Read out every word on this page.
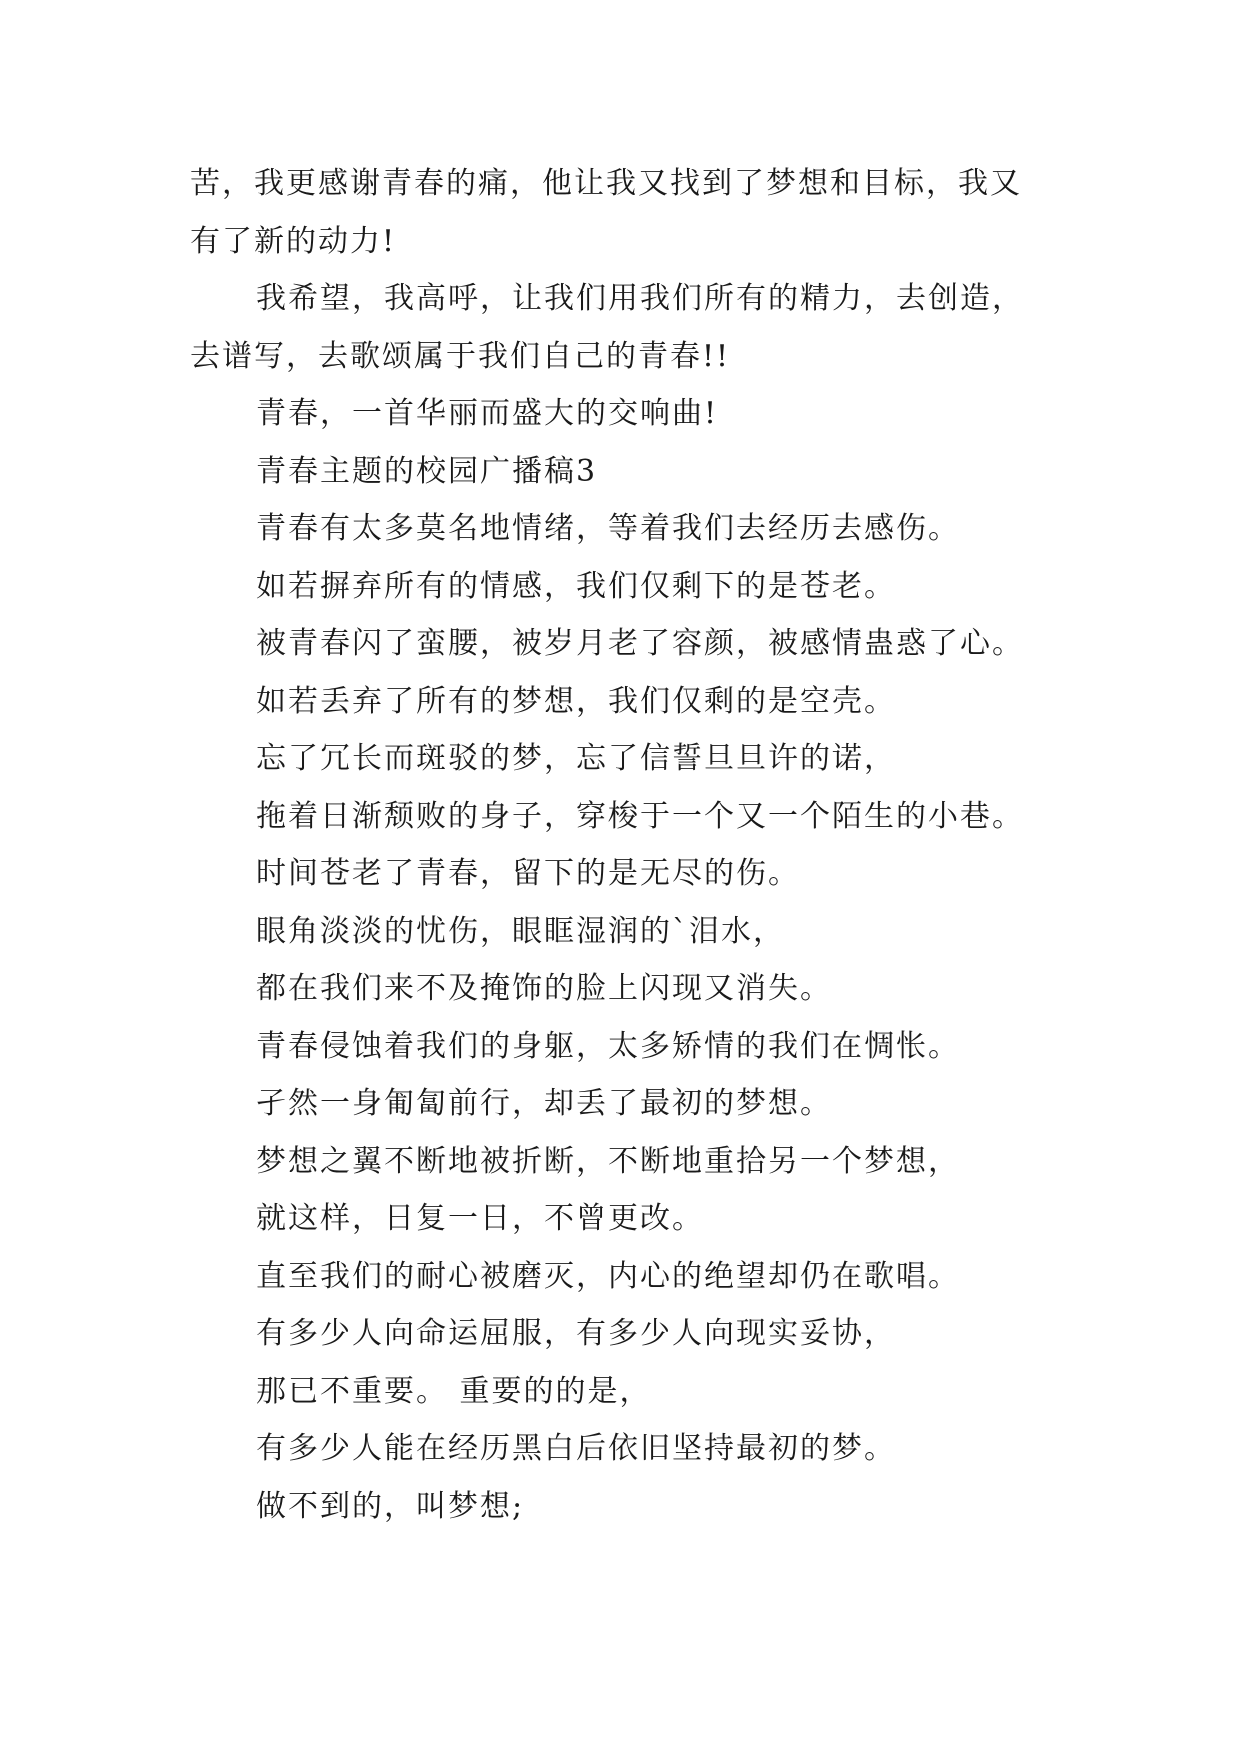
苦，我更感谢青春的痛，他让我又找到了梦想和目标，我又
有了新的动力!
我希望，我高呼，让我们用我们所有的精力，去创造，
去谱写，去歌颂属于我们自己的青春!!
青春，一首华丽而盛大的交响曲!
青春主题的校园广播稿3
青春有太多莫名地情绪，等着我们去经历去感伤。
如若摒弃所有的情感，我们仅剩下的是苍老。
被青春闪了蛮腰，被岁月老了容颜，被感情蛊惑了心。
如若丢弃了所有的梦想，我们仅剩的是空壳。
忘了冗长而斑驳的梦，忘了信誓旦旦许的诺，
拖着日渐颓败的身子，穿梭于一个又一个陌生的小巷。
时间苍老了青春，留下的是无尽的伤。
眼角淡淡的忧伤，眼眶湿润的`泪水，
都在我们来不及掩饰的脸上闪现又消失。
青春侵蚀着我们的身躯，太多矫情的我们在惆怅。
孑然一身匍匐前行，却丢了最初的梦想。
梦想之翼不断地被折断，不断地重拾另一个梦想，
就这样，日复一日，不曾更改。
直至我们的耐心被磨灭，内心的绝望却仍在歌唱。
有多少人向命运屈服，有多少人向现实妥协，
那已不重要。 重要的的是，
有多少人能在经历黑白后依旧坚持最初的梦。
做不到的，叫梦想;
